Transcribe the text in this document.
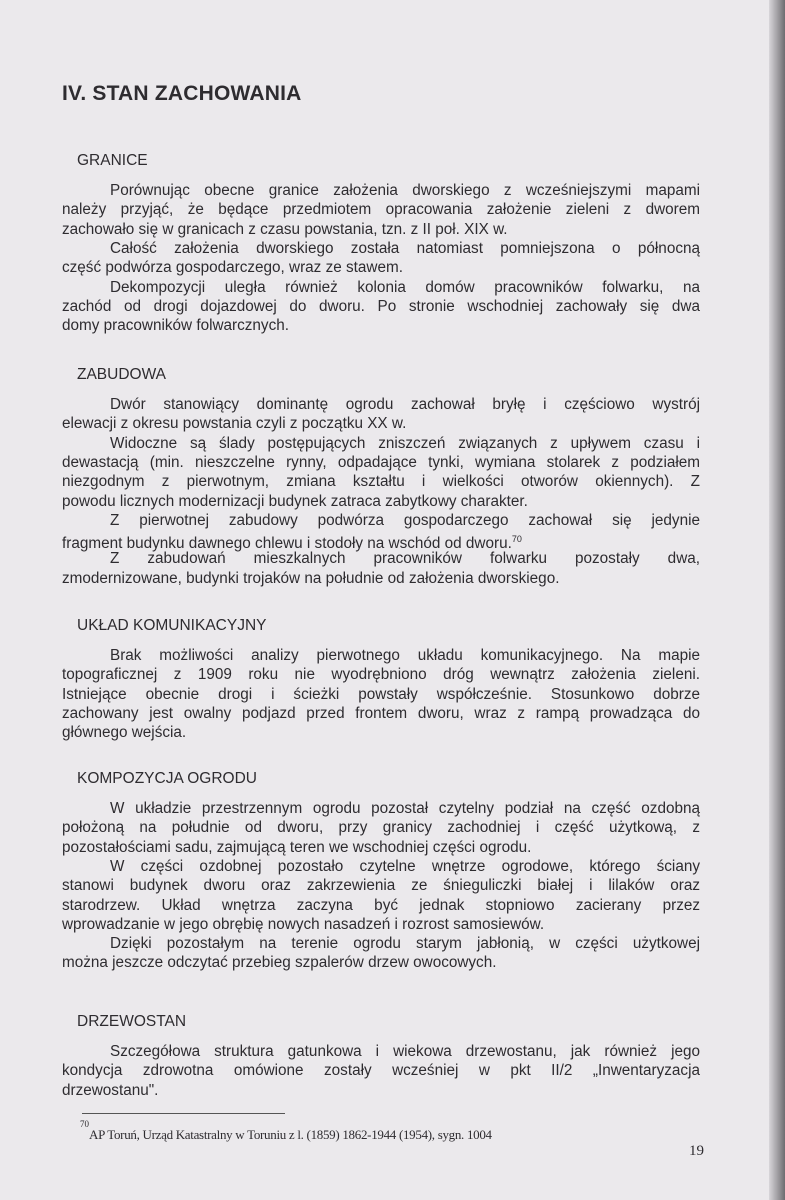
IV. STAN ZACHOWANIA
GRANICE
Porównując obecne granice założenia dworskiego z wcześniejszymi mapami
należy przyjąć, że będące przedmiotem opracowania założenie zieleni z dworem
zachowało się w granicach z czasu powstania, tzn. z II poł. XIX w.
Całość założenia dworskiego została natomiast pomniejszona o północną
część podwórza gospodarczego, wraz ze stawem.
Dekompozycji uległa również kolonia domów pracowników folwarku, na
zachód od drogi dojazdowej do dworu. Po stronie wschodniej zachowały się dwa
domy pracowników folwarcznych.
ZABUDOWA
Dwór stanowiący dominantę ogrodu zachował bryłę i częściowo wystrój
elewacji z okresu powstania czyli z początku XX w.
Widoczne są ślady postępujących zniszczeń związanych z upływem czasu i
dewastacją (min. nieszczelne rynny, odpadające tynki, wymiana stolarek z podziałem
niezgodnym z pierwotnym, zmiana kształtu i wielkości otworów okiennych). Z
powodu licznych modernizacji budynek zatraca zabytkowy charakter.
Z pierwotnej zabudowy podwórza gospodarczego zachował się jedynie
fragment budynku dawnego chlewu i stodoły na wschód od dworu.$^{70}$
Z zabudowań mieszkalnych pracowników folwarku pozostały dwa,
zmodernizowane, budynki trojaków na południe od założenia dworskiego.
UKŁAD KOMUNIKACYJNY
Brak możliwości analizy pierwotnego układu komunikacyjnego. Na mapie
topograficznej z 1909 roku nie wyodrębniono dróg wewnątrz założenia zieleni.
Istniejące obecnie drogi i ścieżki powstały współcześnie. Stosunkowo dobrze
zachowany jest owalny podjazd przed frontem dworu, wraz z rampą prowadząca do
głównego wejścia.
KOMPOZYCJA OGRODU
W układzie przestrzennym ogrodu pozostał czytelny podział na część ozdobną
położoną na południe od dworu, przy granicy zachodniej i część użytkową, z
pozostałościami sadu, zajmującą teren we wschodniej części ogrodu.
W części ozdobnej pozostało czytelne wnętrze ogrodowe, którego ściany
stanowi budynek dworu oraz zakrzewienia ze śnieguliczki białej i lilaków oraz
starodrzew. Układ wnętrza zaczyna być jednak stopniowo zacierany przez
wprowadzanie w jego obrębię nowych nasadzeń i rozrost samosiewów.
Dzięki pozostałym na terenie ogrodu starym jabłonią, w części użytkowej
można jeszcze odczytać przebieg szpalerów drzew owocowych.
DRZEWOSTAN
Szczegółowa struktura gatunkowa i wiekowa drzewostanu, jak również jego
kondycja zdrowotna omówione zostały wcześniej w pkt II/2 „Inwentaryzacja
drzewostanu".
70
AP Toruń, Urząd Katastralny w Toruniu z l. (1859) 1862-1944 (1954), sygn. 1004
19
